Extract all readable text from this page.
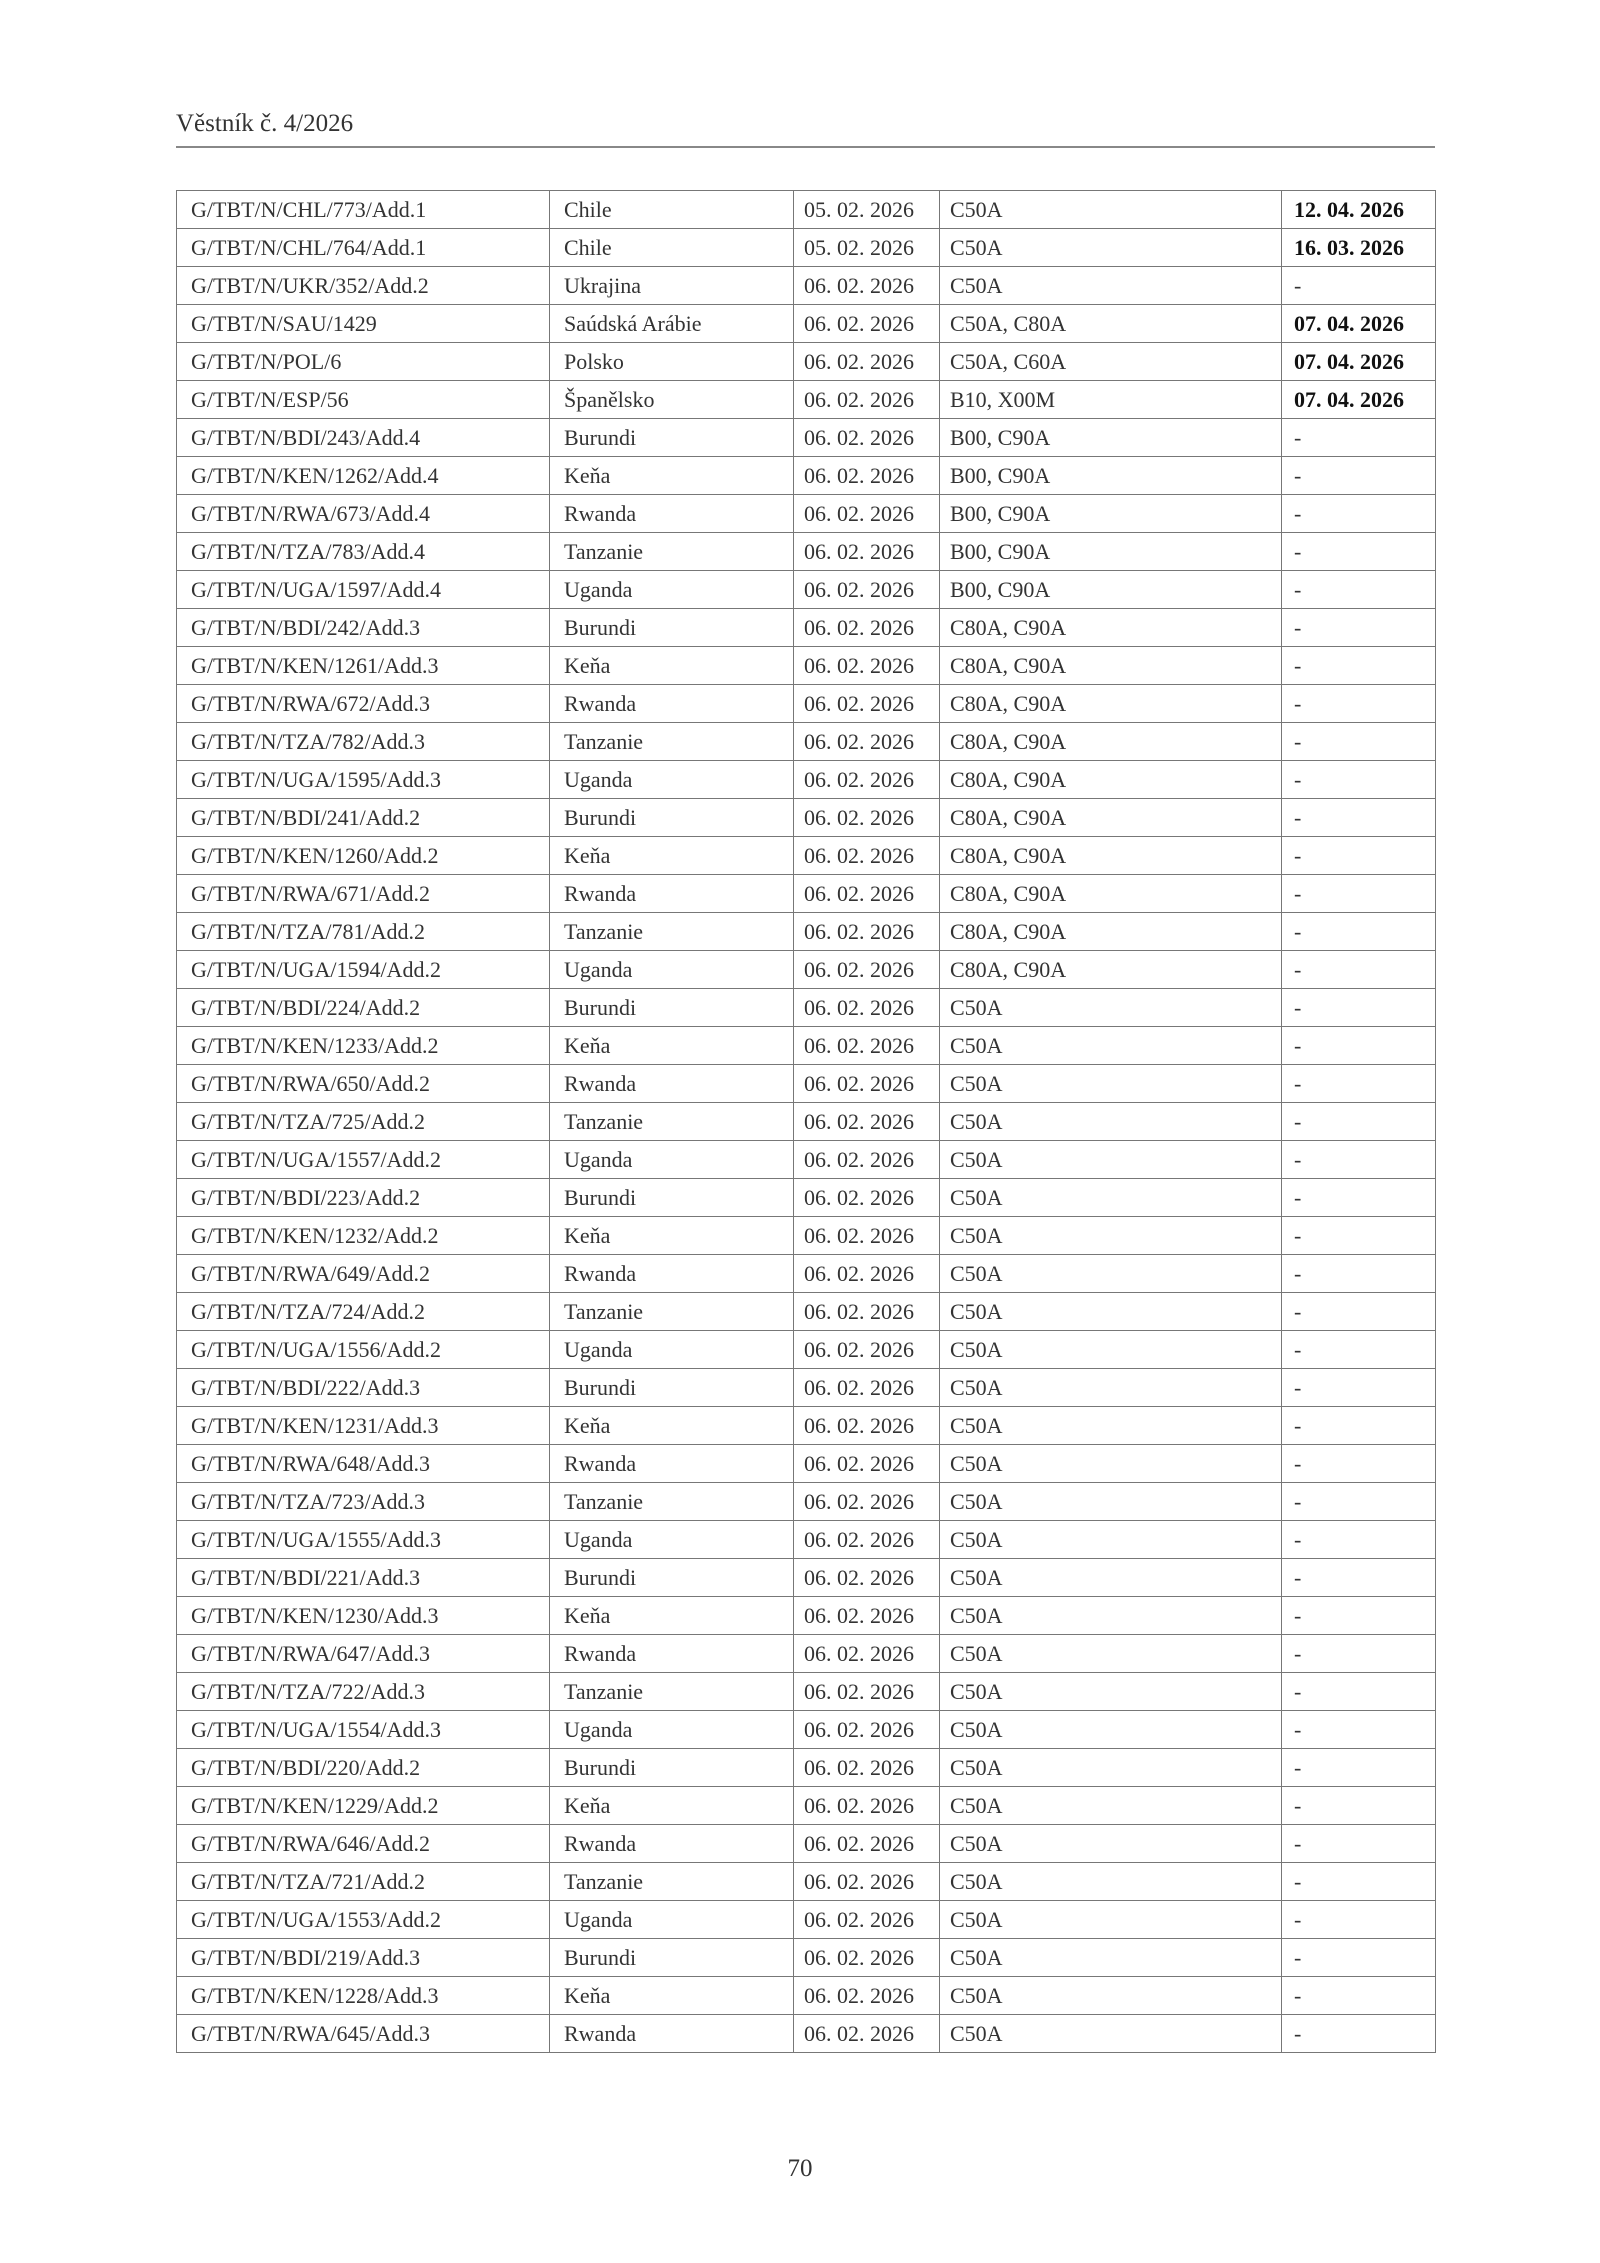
Věstník č. 4/2026
G/TBT/N/CHL/773/Add.1	Chile	05. 02. 2026	C50A	12. 04. 2026
G/TBT/N/CHL/764/Add.1	Chile	05. 02. 2026	C50A	16. 03. 2026
G/TBT/N/UKR/352/Add.2	Ukrajina	06. 02. 2026	C50A	-
G/TBT/N/SAU/1429	Saúdská Arábie	06. 02. 2026	C50A, C80A	07. 04. 2026
G/TBT/N/POL/6	Polsko	06. 02. 2026	C50A, C60A	07. 04. 2026
G/TBT/N/ESP/56	Španělsko	06. 02. 2026	B10, X00M	07. 04. 2026
G/TBT/N/BDI/243/Add.4	Burundi	06. 02. 2026	B00, C90A	-
G/TBT/N/KEN/1262/Add.4	Keňa	06. 02. 2026	B00, C90A	-
G/TBT/N/RWA/673/Add.4	Rwanda	06. 02. 2026	B00, C90A	-
G/TBT/N/TZA/783/Add.4	Tanzanie	06. 02. 2026	B00, C90A	-
G/TBT/N/UGA/1597/Add.4	Uganda	06. 02. 2026	B00, C90A	-
G/TBT/N/BDI/242/Add.3	Burundi	06. 02. 2026	C80A, C90A	-
G/TBT/N/KEN/1261/Add.3	Keňa	06. 02. 2026	C80A, C90A	-
G/TBT/N/RWA/672/Add.3	Rwanda	06. 02. 2026	C80A, C90A	-
G/TBT/N/TZA/782/Add.3	Tanzanie	06. 02. 2026	C80A, C90A	-
G/TBT/N/UGA/1595/Add.3	Uganda	06. 02. 2026	C80A, C90A	-
G/TBT/N/BDI/241/Add.2	Burundi	06. 02. 2026	C80A, C90A	-
G/TBT/N/KEN/1260/Add.2	Keňa	06. 02. 2026	C80A, C90A	-
G/TBT/N/RWA/671/Add.2	Rwanda	06. 02. 2026	C80A, C90A	-
G/TBT/N/TZA/781/Add.2	Tanzanie	06. 02. 2026	C80A, C90A	-
G/TBT/N/UGA/1594/Add.2	Uganda	06. 02. 2026	C80A, C90A	-
G/TBT/N/BDI/224/Add.2	Burundi	06. 02. 2026	C50A	-
G/TBT/N/KEN/1233/Add.2	Keňa	06. 02. 2026	C50A	-
G/TBT/N/RWA/650/Add.2	Rwanda	06. 02. 2026	C50A	-
G/TBT/N/TZA/725/Add.2	Tanzanie	06. 02. 2026	C50A	-
G/TBT/N/UGA/1557/Add.2	Uganda	06. 02. 2026	C50A	-
G/TBT/N/BDI/223/Add.2	Burundi	06. 02. 2026	C50A	-
G/TBT/N/KEN/1232/Add.2	Keňa	06. 02. 2026	C50A	-
G/TBT/N/RWA/649/Add.2	Rwanda	06. 02. 2026	C50A	-
G/TBT/N/TZA/724/Add.2	Tanzanie	06. 02. 2026	C50A	-
G/TBT/N/UGA/1556/Add.2	Uganda	06. 02. 2026	C50A	-
G/TBT/N/BDI/222/Add.3	Burundi	06. 02. 2026	C50A	-
G/TBT/N/KEN/1231/Add.3	Keňa	06. 02. 2026	C50A	-
G/TBT/N/RWA/648/Add.3	Rwanda	06. 02. 2026	C50A	-
G/TBT/N/TZA/723/Add.3	Tanzanie	06. 02. 2026	C50A	-
G/TBT/N/UGA/1555/Add.3	Uganda	06. 02. 2026	C50A	-
G/TBT/N/BDI/221/Add.3	Burundi	06. 02. 2026	C50A	-
G/TBT/N/KEN/1230/Add.3	Keňa	06. 02. 2026	C50A	-
G/TBT/N/RWA/647/Add.3	Rwanda	06. 02. 2026	C50A	-
G/TBT/N/TZA/722/Add.3	Tanzanie	06. 02. 2026	C50A	-
G/TBT/N/UGA/1554/Add.3	Uganda	06. 02. 2026	C50A	-
G/TBT/N/BDI/220/Add.2	Burundi	06. 02. 2026	C50A	-
G/TBT/N/KEN/1229/Add.2	Keňa	06. 02. 2026	C50A	-
G/TBT/N/RWA/646/Add.2	Rwanda	06. 02. 2026	C50A	-
G/TBT/N/TZA/721/Add.2	Tanzanie	06. 02. 2026	C50A	-
G/TBT/N/UGA/1553/Add.2	Uganda	06. 02. 2026	C50A	-
G/TBT/N/BDI/219/Add.3	Burundi	06. 02. 2026	C50A	-
G/TBT/N/KEN/1228/Add.3	Keňa	06. 02. 2026	C50A	-
G/TBT/N/RWA/645/Add.3	Rwanda	06. 02. 2026	C50A	-
70
